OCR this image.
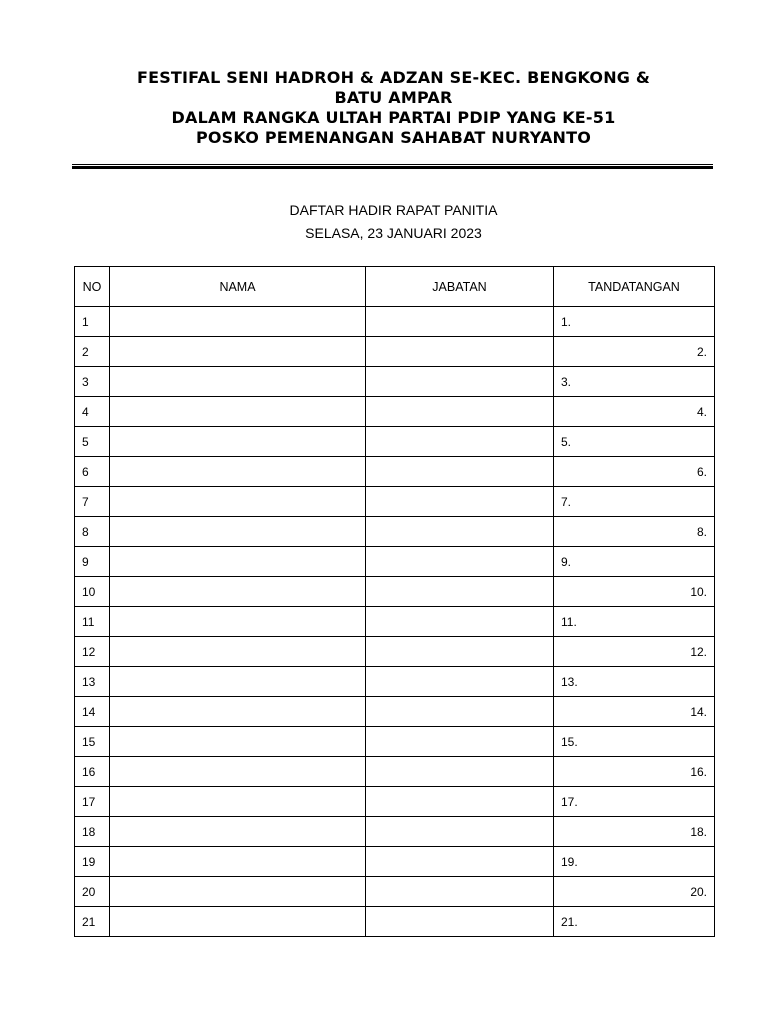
FESTIFAL SENI HADROH & ADZAN SE-KEC. BENGKONG &
BATU AMPAR
DALAM RANGKA ULTAH PARTAI PDIP YANG KE-51
POSKO PEMENANGAN SAHABAT NURYANTO
DAFTAR HADIR RAPAT PANITIA
SELASA, 23 JANUARI 2023
NO	NAMA	JABATAN	TANDATANGAN
1			1.
2			2.
3			3.
4			4.
5			5.
6			6.
7			7.
8			8.
9			9.
10			10.
11			11.
12			12.
13			13.
14			14.
15			15.
16			16.
17			17.
18			18.
19			19.
20			20.
21			21.
